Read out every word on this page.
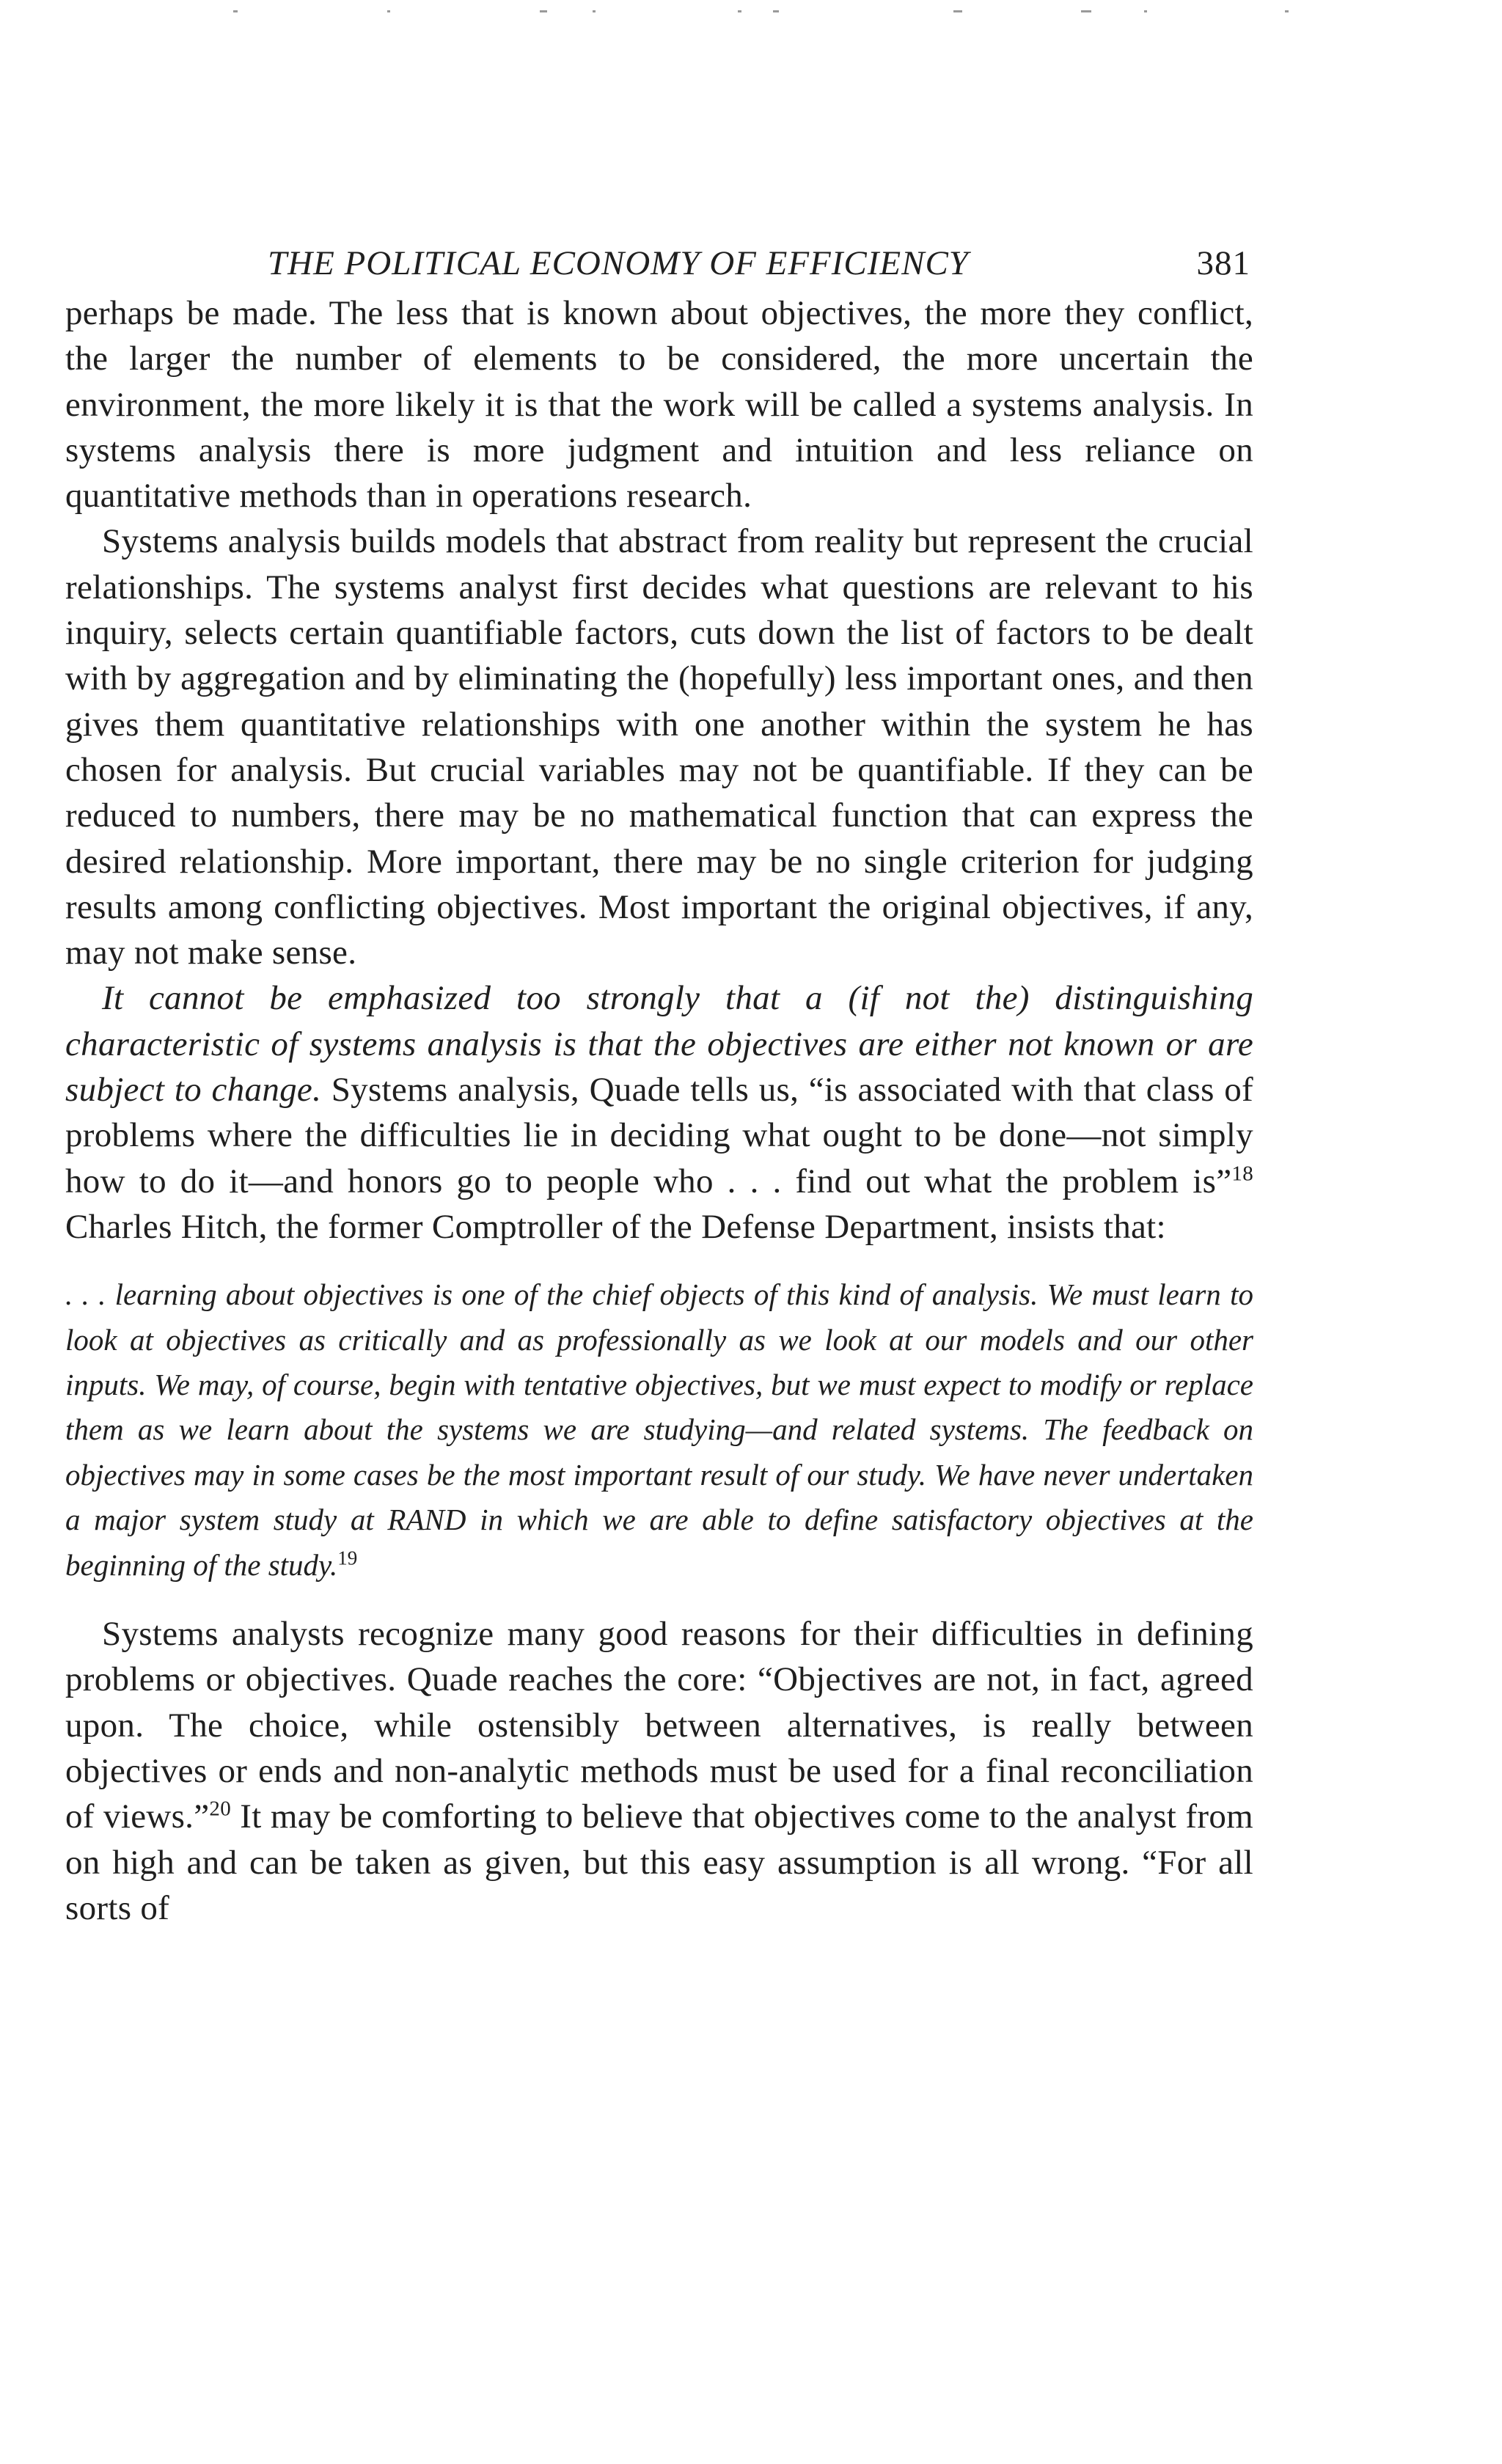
THE POLITICAL ECONOMY OF EFFICIENCY	381

perhaps be made. The less that is known about objectives, the more they conflict, the larger the number of elements to be considered, the more uncertain the environment, the more likely it is that the work will be called a systems analysis. In systems analysis there is more judgment and intuition and less reliance on quantitative methods than in operations research.

Systems analysis builds models that abstract from reality but represent the crucial relationships. The systems analyst first decides what questions are relevant to his inquiry, selects certain quantifiable factors, cuts down the list of factors to be dealt with by aggregation and by eliminating the (hopefully) less important ones, and then gives them quantitative relationships with one another within the system he has chosen for analysis. But crucial variables may not be quantifiable. If they can be reduced to numbers, there may be no mathematical function that can express the desired relationship. More important, there may be no single criterion for judging results among conflicting objectives. Most important the original objectives, if any, may not make sense.

It cannot be emphasized too strongly that a (if not the) distinguishing characteristic of systems analysis is that the objectives are either not known or are subject to change. Systems analysis, Quade tells us, “is associated with that class of problems where the difficulties lie in deciding what ought to be done—not simply how to do it—and honors go to people who . . . find out what the problem is”$^{18}$ Charles Hitch, the former Comptroller of the Defense Department, insists that:

. . . learning about objectives is one of the chief objects of this kind of analysis. We must learn to look at objectives as critically and as professionally as we look at our models and our other inputs. We may, of course, begin with tentative objectives, but we must expect to modify or replace them as we learn about the systems we are studying—and related systems. The feedback on objectives may in some cases be the most important result of our study. We have never undertaken a major system study at RAND in which we are able to define satisfactory objectives at the beginning of the study.$^{19}$

Systems analysts recognize many good reasons for their difficulties in defining problems or objectives. Quade reaches the core: “Objectives are not, in fact, agreed upon. The choice, while ostensibly between alternatives, is really between objectives or ends and non-analytic methods must be used for a final reconciliation of views.”$^{20}$ It may be comforting to believe that objectives come to the analyst from on high and can be taken as given, but this easy assumption is all wrong. “For all sorts of
